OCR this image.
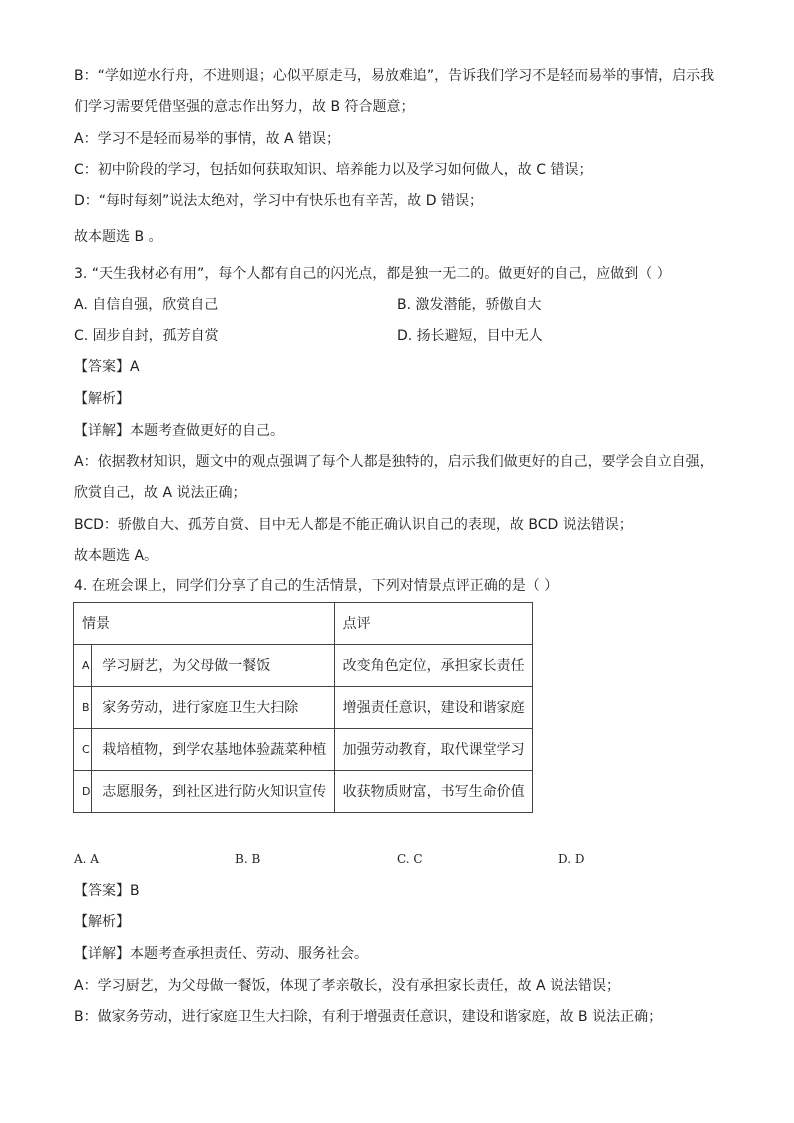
B：“学如逆水行舟，不进则退；心似平原走马，易放难追”，告诉我们学习不是轻而易举的事情，启示我
们学习需要凭借坚强的意志作出努力，故 B 符合题意；
A：学习不是轻而易举的事情，故 A 错误；
C：初中阶段的学习，包括如何获取知识、培养能力以及学习如何做人，故 C 错误；
D：“每时每刻”说法太绝对，学习中有快乐也有辛苦，故 D 错误；
故本题选 B 。
3. “天生我材必有用”，每个人都有自己的闪光点，都是独一无二的。做更好的自己，应做到（ ）
A. 自信自强，欣赏自己	B. 激发潜能，骄傲自大
C. 固步自封，孤芳自赏	D. 扬长避短，目中无人
【答案】A
【解析】
【详解】本题考查做更好的自己。
A：依据教材知识，题文中的观点强调了每个人都是独特的，启示我们做更好的自己，要学会自立自强，
欣赏自己，故 A 说法正确；
BCD：骄傲自大、孤芳自赏、目中无人都是不能正确认识自己的表现，故 BCD 说法错误；
故本题选 A。
4. 在班会课上，同学们分享了自己的生活情景，下列对情景点评正确的是（ ）
情景		点评
A	学习厨艺，为父母做一餐饭	改变角色定位，承担家长责任
B	家务劳动，进行家庭卫生大扫除	增强责任意识，建设和谐家庭
C	栽培植物，到学农基地体验蔬菜种植	加强劳动教育，取代课堂学习
D	志愿服务，到社区进行防火知识宣传	收获物质财富，书写生命价值
A. A	B. B	C. C	D. D
【答案】B
【解析】
【详解】本题考查承担责任、劳动、服务社会。
A：学习厨艺，为父母做一餐饭，体现了孝亲敬长，没有承担家长责任，故 A 说法错误；
B：做家务劳动，进行家庭卫生大扫除，有利于增强责任意识，建设和谐家庭，故 B 说法正确；
